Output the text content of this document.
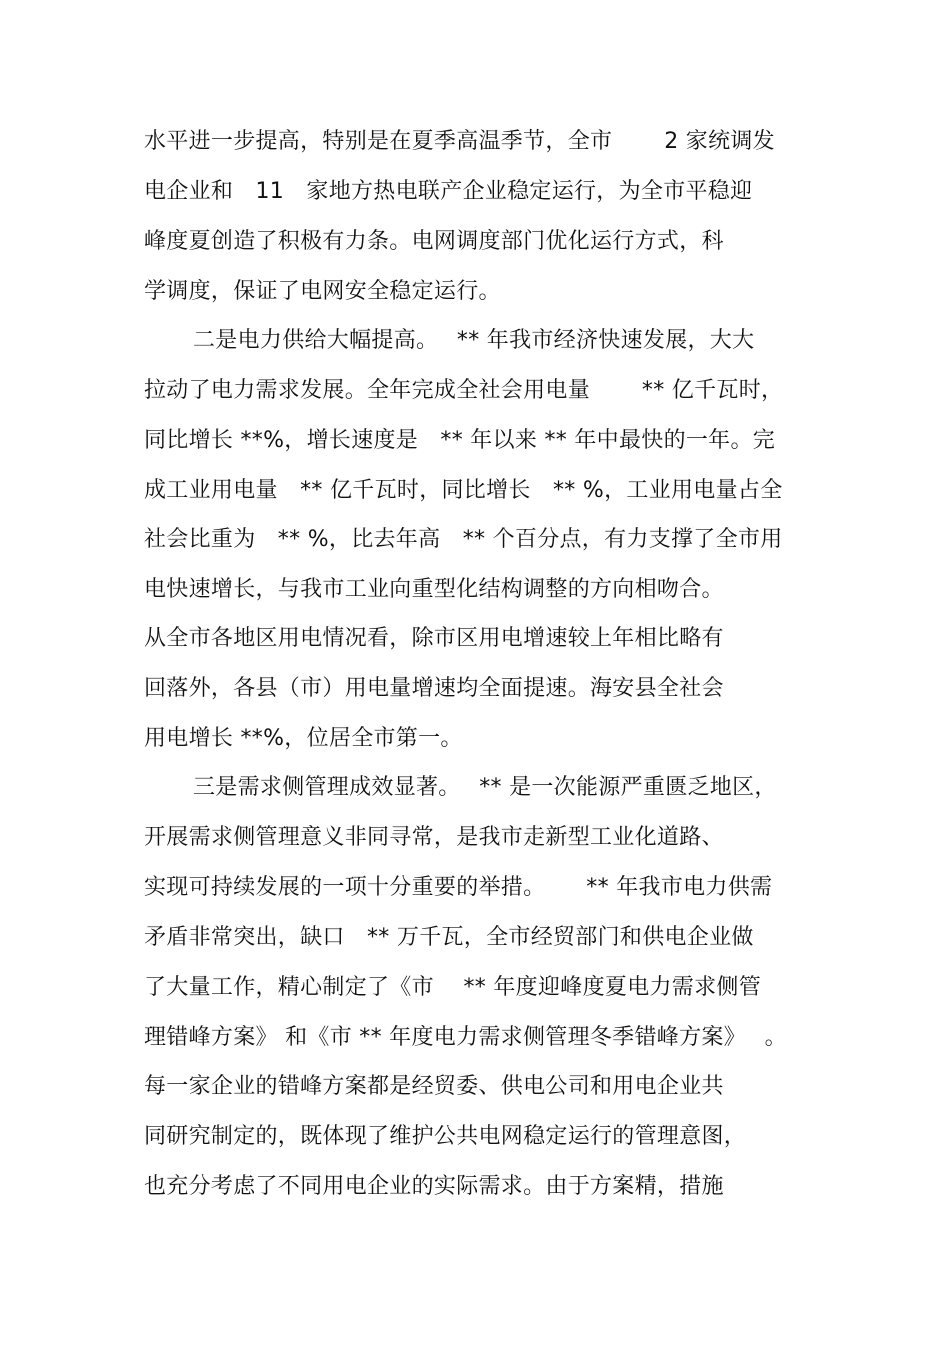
水平进一步提高，特别是在夏季高温季节，全市　　 2 家统调发
电企业和　11　家地方热电联产企业稳定运行，为全市平稳迎
峰度夏创造了积极有力条。电网调度部门优化运行方式，科
学调度，保证了电网安全稳定运行。
二是电力供给大幅提高。　 ** 年我市经济快速发展，大大
拉动了电力需求发展。全年完成全社会用电量　　 ** 亿千瓦时，
同比增长 **%，增长速度是　** 年以来 ** 年中最快的一年。完
成工业用电量　** 亿千瓦时，同比增长　** %，工业用电量占全
社会比重为　** %，比去年高　** 个百分点，有力支撑了全市用
电快速增长，与我市工业向重型化结构调整的方向相吻合。
从全市各地区用电情况看，除市区用电增速较上年相比略有
回落外，各县（市）用电量增速均全面提速。海安县全社会
用电增长 **%，位居全市第一。
三是需求侧管理成效显著。　 ** 是一次能源严重匮乏地区，
开展需求侧管理意义非同寻常，是我市走新型工业化道路、
实现可持续发展的一项十分重要的举措。　　 ** 年我市电力供需
矛盾非常突出，缺口　** 万千瓦，全市经贸部门和供电企业做
了大量工作，精心制定了《市　 ** 年度迎峰度夏电力需求侧管
理错峰方案》 和《市 ** 年度电力需求侧管理冬季错峰方案》　 。
每一家企业的错峰方案都是经贸委、供电公司和用电企业共
同研究制定的，既体现了维护公共电网稳定运行的管理意图，
也充分考虑了不同用电企业的实际需求。由于方案精，措施
